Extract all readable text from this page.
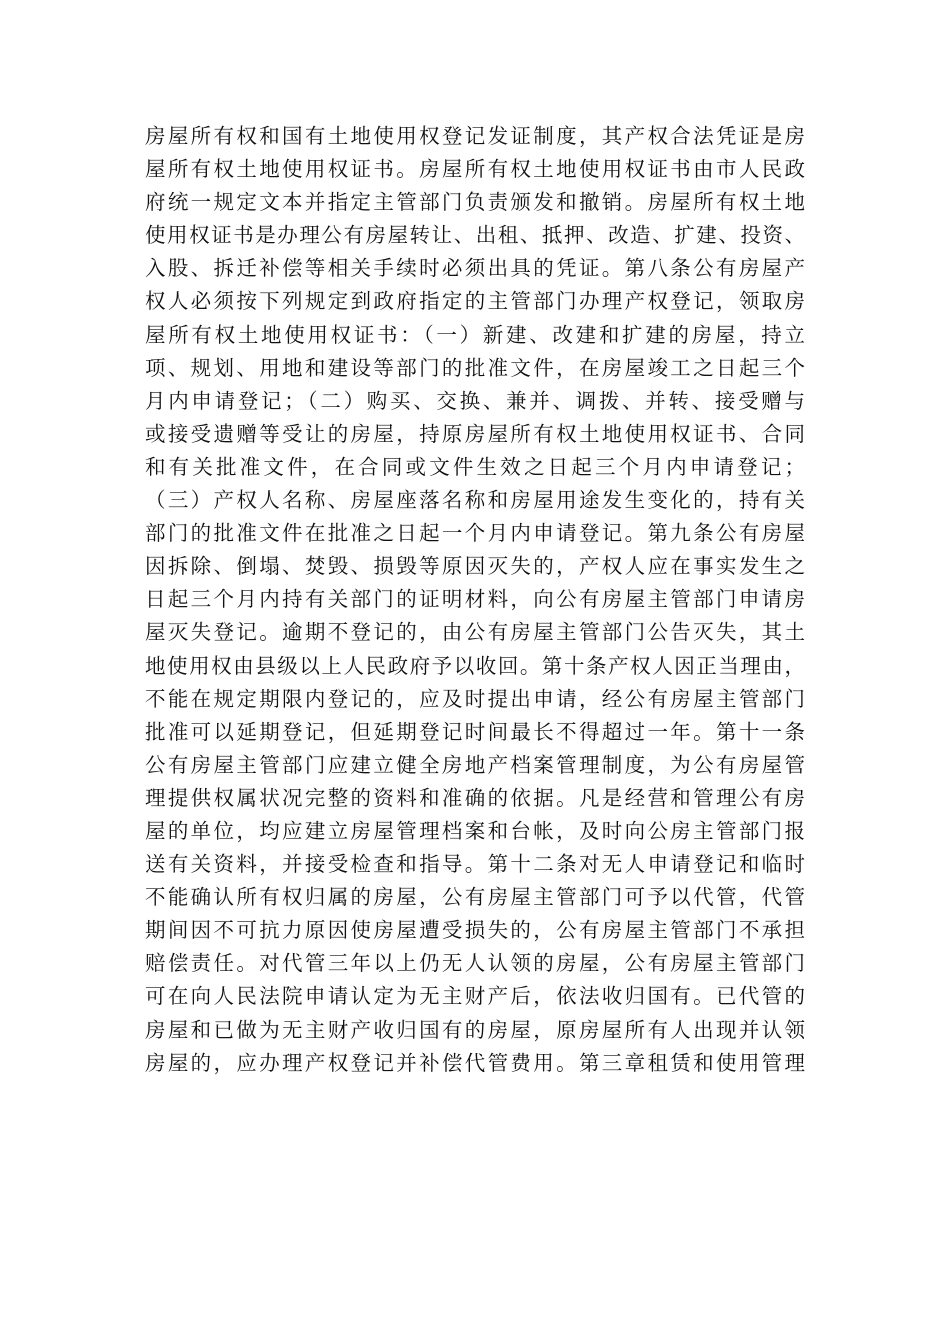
房屋所有权和国有土地使用权登记发证制度，其产权合法凭证是房
屋所有权土地使用权证书。房屋所有权土地使用权证书由市人民政
府统一规定文本并指定主管部门负责颁发和撤销。房屋所有权土地
使用权证书是办理公有房屋转让、出租、抵押、改造、扩建、投资、
入股、拆迁补偿等相关手续时必须出具的凭证。第八条公有房屋产
权人必须按下列规定到政府指定的主管部门办理产权登记，领取房
屋所有权土地使用权证书：（一）新建、改建和扩建的房屋，持立
项、规划、用地和建设等部门的批准文件，在房屋竣工之日起三个
月内申请登记；（二）购买、交换、兼并、调拨、并转、接受赠与
或接受遗赠等受让的房屋，持原房屋所有权土地使用权证书、合同
和有关批准文件，在合同或文件生效之日起三个月内申请登记；
（三）产权人名称、房屋座落名称和房屋用途发生变化的，持有关
部门的批准文件在批准之日起一个月内申请登记。第九条公有房屋
因拆除、倒塌、焚毁、损毁等原因灭失的，产权人应在事实发生之
日起三个月内持有关部门的证明材料，向公有房屋主管部门申请房
屋灭失登记。逾期不登记的，由公有房屋主管部门公告灭失，其土
地使用权由县级以上人民政府予以收回。第十条产权人因正当理由，
不能在规定期限内登记的，应及时提出申请，经公有房屋主管部门
批准可以延期登记，但延期登记时间最长不得超过一年。第十一条
公有房屋主管部门应建立健全房地产档案管理制度，为公有房屋管
理提供权属状况完整的资料和准确的依据。凡是经营和管理公有房
屋的单位，均应建立房屋管理档案和台帐，及时向公房主管部门报
送有关资料，并接受检查和指导。第十二条对无人申请登记和临时
不能确认所有权归属的房屋，公有房屋主管部门可予以代管，代管
期间因不可抗力原因使房屋遭受损失的，公有房屋主管部门不承担
赔偿责任。对代管三年以上仍无人认领的房屋，公有房屋主管部门
可在向人民法院申请认定为无主财产后，依法收归国有。已代管的
房屋和已做为无主财产收归国有的房屋，原房屋所有人出现并认领
房屋的，应办理产权登记并补偿代管费用。第三章租赁和使用管理
